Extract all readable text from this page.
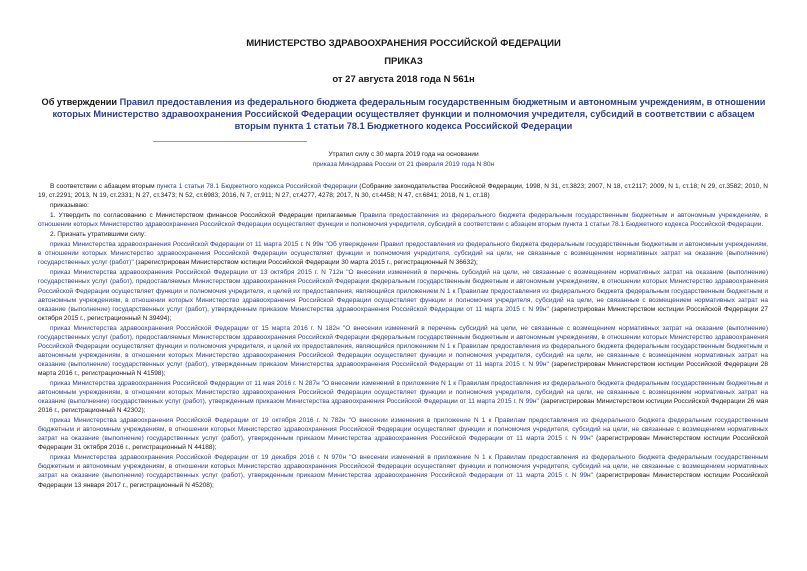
МИНИСТЕРСТВО ЗДРАВООХРАНЕНИЯ РОССИЙСКОЙ ФЕДЕРАЦИИ
ПРИКАЗ
от 27 августа 2018 года N 561н
Об утверждении Правил предоставления из федерального бюджета федеральным государственным бюджетным и автономным учреждениям, в отношении которых Министерство здравоохранения Российской Федерации осуществляет функции и полномочия учредителя, субсидий в соответствии с абзацем вторым пункта 1 статьи 78.1 Бюджетного кодекса Российской Федерации
Утратил силу с 30 марта 2019 года на основании
приказа Минздрава России от 21 февраля 2019 года N 80н

В соответствии с абзацем вторым пункта 1 статьи 78.1 Бюджетного кодекса Российской Федерации (Собрание законодательства Российской Федерации, 1998, N 31, ст.3823; 2007, N 18, ст.2117; 2009, N 1, ст.18; N 29, ст.3582; 2010, N 19, ст.2291; 2013, N 19, ст.2331; N 27, ст.3473; N 52, ст.6983; 2016, N 7, ст.911; N 27, ст.4277, 4278; 2017, N 30, ст.4458; N 47, ст.6841; 2018, N 1, ст.18)

приказываю:

1. Утвердить по согласованию с Министерством финансов Российской Федерации прилагаемые Правила предоставления из федерального бюджета федеральным государственным бюджетным и автономным учреждениям, в отношении которых Министерство здравоохранения Российской Федерации осуществляет функции и полномочия учредителя, субсидий в соответствии с абзацем вторым пункта 1 статьи 78.1 Бюджетного кодекса Российской Федерации.

2. Признать утратившими силу:

приказ Министерства здравоохранения Российской Федерации от 11 марта 2015 г. N 99н "Об утверждении Правил предоставления из федерального бюджета федеральным государственным бюджетным и автономным учреждениям, в отношении которых Министерство здравоохранения Российской Федерации осуществляет функции и полномочия учредителя, субсидий на цели, не связанные с возмещением нормативных затрат на оказание (выполнение) государственных услуг (работ)" (зарегистрирован Министерством юстиции Российской Федерации 30 марта 2015 г., регистрационный N 36632);

приказ Министерства здравоохранения Российской Федерации от 13 октября 2015 г. N 712н "О внесении изменений в перечень субсидий на цели, не связанные с возмещением нормативных затрат на оказание (выполнение) государственных услуг (работ), предоставляемых Министерством здравоохранения Российской Федерации федеральным государственным бюджетным и автономным учреждениям, в отношении которых Министерство здравоохранения Российской Федерации осуществляет функции и полномочия учредителя, и целей их предоставления, являющийся приложением N 1 к Правилам предоставления из федерального бюджета федеральным государственным бюджетным и автономным учреждениям, в отношении которых Министерство здравоохранения Российской Федерации осуществляет функции и полномочия учредителя, субсидий на цели, не связанные с возмещением нормативных затрат на оказание (выполнение) государственных услуг (работ), утвержденным приказом Министерства здравоохранения Российской Федерации от 11 марта 2015 г. N 99н" (зарегистрирован Министерством юстиции Российской Федерации 27 октября 2015 г., регистрационный N 39494);

приказ Министерства здравоохранения Российской Федерации от 15 марта 2016 г. N 182н "О внесении изменений в перечень субсидий на цели, не связанные с возмещением нормативных затрат на оказание (выполнение) государственных услуг (работ), предоставляемых Министерством здравоохранения Российской Федерации федеральным государственным бюджетным и автономным учреждениям, в отношении которых Министерство здравоохранения Российской Федерации осуществляет функции и полномочия учредителя, и целей их предоставления, являющийся приложением N 1 к Правилам предоставления из федерального бюджета федеральным государственным бюджетным и автономным учреждениям, в отношении которых Министерство здравоохранения Российской Федерации осуществляет функции и полномочия учредителя, субсидий на цели, не связанные с возмещением нормативных затрат на оказание (выполнение) государственных услуг (работ), утвержденным приказом Министерства здравоохранения Российской Федерации от 11 марта 2015 г. N 99н" (зарегистрирован Министерством юстиции Российской Федерации 28 марта 2016 г., регистрационный N 41598);

приказ Министерства здравоохранения Российской Федерации от 11 мая 2016 г. N 287н "О внесении изменений в приложение N 1 к Правилам предоставления из федерального бюджета федеральным государственным бюджетным и автономным учреждениям, в отношении которых Министерство здравоохранения Российской Федерации осуществляет функции и полномочия учредителя, субсидий на цели, не связанные с возмещением нормативных затрат на оказание (выполнение) государственных услуг (работ), утвержденным приказом Министерства здравоохранения Российской Федерации от 11 марта 2015 г. N 99н" (зарегистрирован Министерством юстиции Российской Федерации 26 мая 2016 г., регистрационный N 42302);

приказ Министерства здравоохранения Российской Федерации от 19 октября 2016 г. N 782н "О внесении изменения в приложение N 1 к Правилам предоставления из федерального бюджета федеральным государственным бюджетным и автономным учреждениям, в отношении которых Министерство здравоохранения Российской Федерации осуществляет функции и полномочия учредителя, субсидий на цели, не связанные с возмещением нормативных затрат на оказание (выполнение) государственных услуг (работ), утвержденным приказом Министерства здравоохранения Российской Федерации от 11 марта 2015 г. N 99н" (зарегистрирован Министерством юстиции Российской Федерации 31 октября 2016 г., регистрационный N 44188);

приказ Министерства здравоохранения Российской Федерации от 19 декабря 2016 г. N 970н "О внесении изменений в приложение N 1 к Правилам предоставления из федерального бюджета федеральным государственным бюджетным и автономным учреждениям, в отношении которых Министерство здравоохранения Российской Федерации осуществляет функции и полномочия учредителя, субсидий на цели, не связанные с возмещением нормативных затрат на оказание (выполнение) государственных услуг (работ), утвержденным приказом Министерства здравоохранения Российской Федерации от 11 марта 2015 г. N 99н" (зарегистрирован Министерством юстиции Российской Федерации 13 января 2017 г., регистрационный N 45208);
